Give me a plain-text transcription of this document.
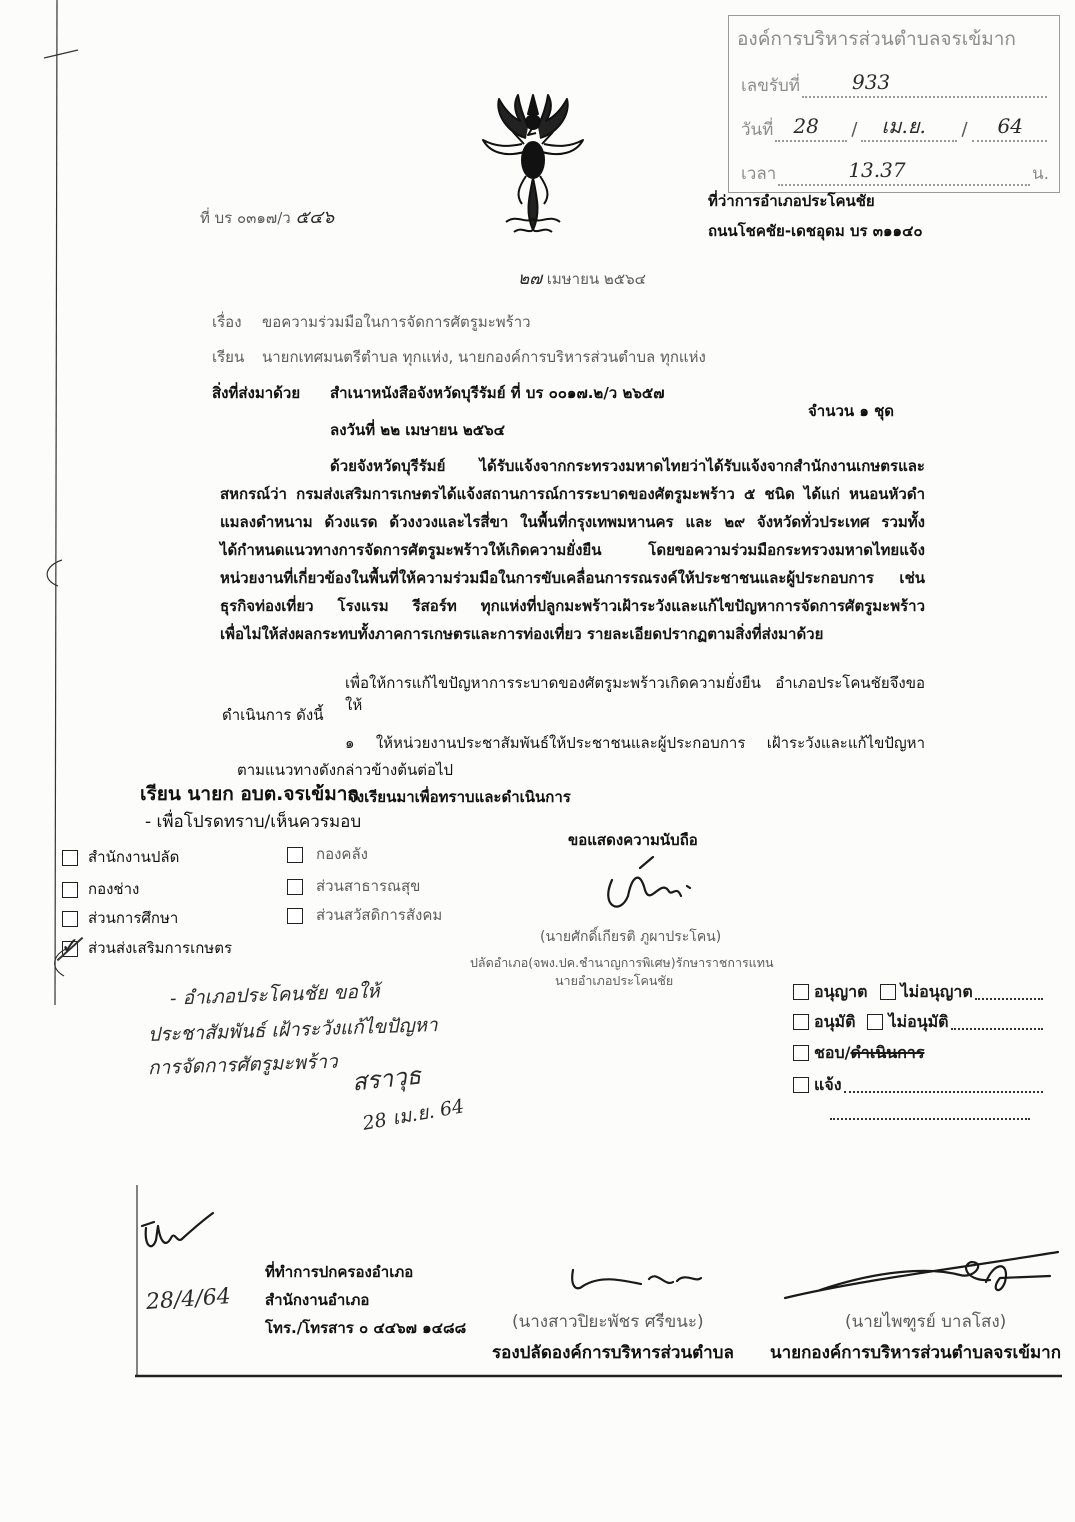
องค์การบริหารส่วนตำบลจรเข้มาก
เลขรับที่	933
วันที่ 28 / เม.ย. / 64
เวลา	13.37	น.
ที่ บร ๐๓๑๗/ว ๕๔๖
ที่ว่าการอำเภอประโคนชัย
ถนนโชคชัย-เดชอุดม บร ๓๑๑๔๐
๒๗ เมษายน ๒๕๖๔
เรื่อง ขอความร่วมมือในการจัดการศัตรูมะพร้าว
เรียน นายกเทศมนตรีตำบล ทุกแห่ง, นายกองค์การบริหารส่วนตำบล ทุกแห่ง
สิ่งที่ส่งมาด้วย สำเนาหนังสือจังหวัดบุรีรัมย์ ที่ บร ๐๐๑๗.๒/ว ๒๖๕๗
จำนวน ๑ ชุด
ลงวันที่ ๒๒ เมษายน ๒๕๖๔
ด้วยจังหวัดบุรีรัมย์ ได้รับแจ้งจากกระทรวงมหาดไทยว่าได้รับแจ้งจากสำนักงานเกษตรและ
สหกรณ์ว่า กรมส่งเสริมการเกษตรได้แจ้งสถานการณ์การระบาดของศัตรูมะพร้าว ๕ ชนิด ได้แก่ หนอนหัวดำ
แมลงดำหนาม ด้วงแรด ด้วงงวงและไรสี่ขา ในพื้นที่กรุงเทพมหานคร และ ๒๙ จังหวัดทั่วประเทศ รวมทั้ง
ได้กำหนดแนวทางการจัดการศัตรูมะพร้าวให้เกิดความยั่งยืน โดยขอความร่วมมือกระทรวงมหาดไทยแจ้ง
หน่วยงานที่เกี่ยวข้องในพื้นที่ให้ความร่วมมือในการขับเคลื่อนการรณรงค์ให้ประชาชนและผู้ประกอบการ เช่น
ธุรกิจท่องเที่ยว โรงแรม รีสอร์ท ทุกแห่งที่ปลูกมะพร้าวเฝ้าระวังและแก้ไขปัญหาการจัดการศัตรูมะพร้าว
เพื่อไม่ให้ส่งผลกระทบทั้งภาคการเกษตรและการท่องเที่ยว รายละเอียดปรากฏตามสิ่งที่ส่งมาด้วย
เพื่อให้การแก้ไขปัญหาการระบาดของศัตรูมะพร้าวเกิดความยั่งยืน อำเภอประโคนชัยจึงขอให้
ดำเนินการ ดังนี้
๑ ให้หน่วยงานประชาสัมพันธ์ให้ประชาชนและผู้ประกอบการ เฝ้าระวังและแก้ไขปัญหา
ตามแนวทางดังกล่าวข้างต้นต่อไป
จึงเรียนมาเพื่อทราบและดำเนินการ
ขอแสดงความนับถือ
(นายศักดิ์เกียรติ ภูผาประโคน)
ปลัดอำเภอ(จพง.ปค.ชำนาญการพิเศษ)รักษาราชการแทน
นายอำเภอประโคนชัย
เรียน นายก อบต.จรเข้มาก
- เพื่อโปรดทราบ/เห็นควรมอบ
สำนักงานปลัด
กองช่าง
ส่วนการศึกษา
✓
ส่วนส่งเสริมการเกษตร
กองคลัง
ส่วนสาธารณสุข
ส่วนสวัสดิการสังคม
- อำเภอประโคนชัย ขอให้
ประชาสัมพันธ์ เฝ้าระวังแก้ไขปัญหา
การจัดการศัตรูมะพร้าว สราวุธ
28 เม.ย. 64
อนุญาต ไม่อนุญาต
อนุมัติ ไม่อนุมัติ
ชอบ/ ดำเนินการ
แจ้ง
28/4/64
ที่ทำการปกครองอำเภอ
สำนักงานอำเภอ
โทร./โทรสาร ๐ ๔๔๖๗ ๑๔๘๘	(นางสาวปิยะพัชร ศรีขนะ)
รองปลัดองค์การบริหารส่วนตำบล
(นายไพฑูรย์ บาลโสง)
นายกองค์การบริหารส่วนตำบลจรเข้มาก
